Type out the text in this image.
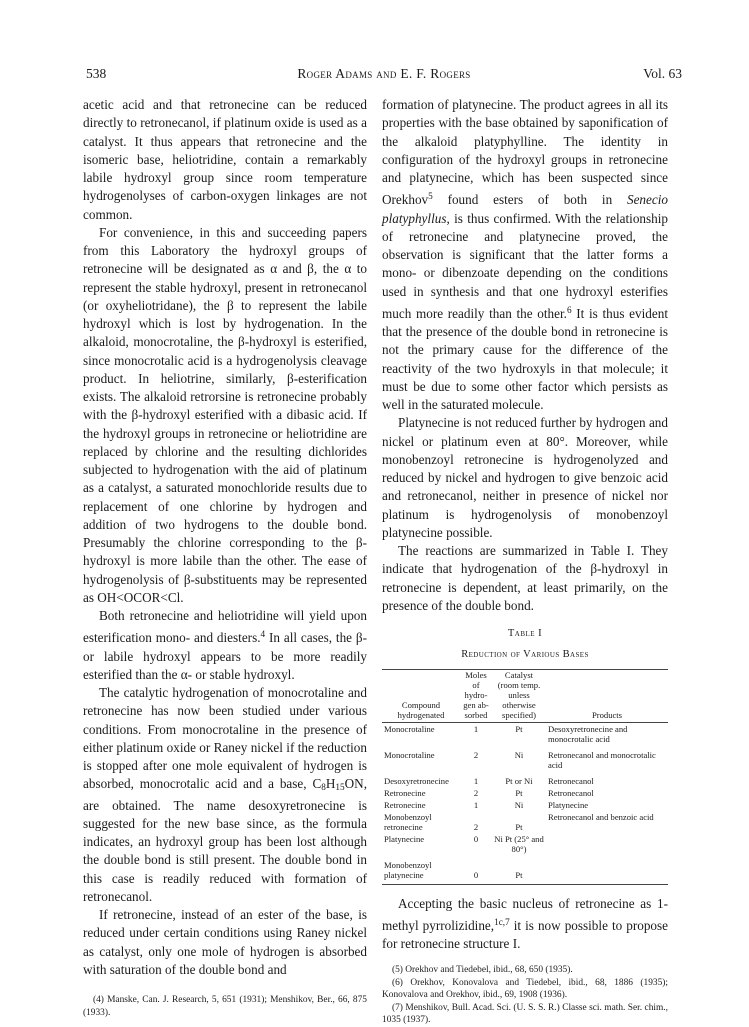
538	Roger Adams and E. F. Rogers	Vol. 63

acetic acid and that retronecine can be reduced directly to retronecanol, if platinum oxide is used as a catalyst. It thus appears that retronecine and the isomeric base, heliotridine, contain a remarkably labile hydroxyl group since room temperature hydrogenolyses of carbon-oxygen linkages are not common.

For convenience, in this and succeeding papers from this Laboratory the hydroxyl groups of retronecine will be designated as α and β, the α to represent the stable hydroxyl, present in retronecanol (or oxyheliotridane), the β to represent the labile hydroxyl which is lost by hydrogenation. In the alkaloid, monocrotaline, the β-hydroxyl is esterified, since monocrotalic acid is a hydrogenolysis cleavage product. In heliotrine, similarly, β-esterification exists. The alkaloid retrorsine is retronecine probably with the β-hydroxyl esterified with a dibasic acid. If the hydroxyl groups in retronecine or heliotridine are replaced by chlorine and the resulting dichlorides subjected to hydrogenation with the aid of platinum as a catalyst, a saturated monochloride results due to replacement of one chlorine by hydrogen and addition of two hydrogens to the double bond. Presumably the chlorine corresponding to the β-hydroxyl is more labile than the other. The ease of hydrogenolysis of β-substituents may be represented as OH<OCOR<Cl.

Both retronecine and heliotridine will yield upon esterification mono- and diesters.$^4$ In all cases, the β- or labile hydroxyl appears to be more readily esterified than the α- or stable hydroxyl.

The catalytic hydrogenation of monocrotaline and retronecine has now been studied under various conditions. From monocrotaline in the presence of either platinum oxide or Raney nickel if the reduction is stopped after one mole equivalent of hydrogen is absorbed, monocrotalic acid and a base, $C_8H_{15}ON$, are obtained. The name desoxyretronecine is suggested for the new base since, as the formula indicates, an hydroxyl group has been lost although the double bond is still present. The double bond in this case is readily reduced with formation of retronecanol.

If retronecine, instead of an ester of the base, is reduced under certain conditions using Raney nickel as catalyst, only one mole of hydrogen is absorbed with saturation of the double bond and

(4) Manske, Can. J. Research, 5, 651 (1931); Menshikov, Ber., 66, 875 (1933).

formation of platynecine. The product agrees in all its properties with the base obtained by saponification of the alkaloid platyphylline. The identity in configuration of the hydroxyl groups in retronecine and platynecine, which has been suspected since Orekhov$^5$ found esters of both in Senecio platyphyllus, is thus confirmed. With the relationship of retronecine and platynecine proved, the observation is significant that the latter forms a mono- or dibenzoate depending on the conditions used in synthesis and that one hydroxyl esterifies much more readily than the other.$^6$ It is thus evident that the presence of the double bond in retronecine is not the primary cause for the difference of the reactivity of the two hydroxyls in that molecule; it must be due to some other factor which persists as well in the saturated molecule.

Platynecine is not reduced further by hydrogen and nickel or platinum even at 80°. Moreover, while monobenzoyl retronecine is hydrogenolyzed and reduced by nickel and hydrogen to give benzoic acid and retronecanol, neither in presence of nickel nor platinum is hydrogenolysis of monobenzoyl platynecine possible.

The reactions are summarized in Table I. They indicate that hydrogenation of the β-hydroxyl in retronecine is dependent, at least primarily, on the presence of the double bond.

Table I
Reduction of Various Bases
Compound hydrogenated	Moles of hydro- gen ab- sorbed	Catalyst (room temp. unless otherwise specified)	Products
Monocrotaline	1	Pt	Desoxyretronecine and monocrotalic acid
Monocrotaline	2	Ni	Retronecanol and monocrotalic acid
Desoxyretronecine	1	Pt or Ni	Retronecanol
Retronecine	2	Pt	Retronecanol
Retronecine	1	Ni	Platynecine
Monobenzoyl retronecine	2	Pt	Retronecanol and benzoic acid
Platynecine	0	Ni Pt (25° and 80°)	
Monobenzoyl platynecine	0	Pt	

Accepting the basic nucleus of retronecine as 1-methyl pyrrolizidine,$^{1c,7}$ it is now possible to propose for retronecine structure I.

(5) Orekhov and Tiedebel, ibid., 68, 650 (1935).

(6) Orekhov, Konovalova and Tiedebel, ibid., 68, 1886 (1935); Konovalova and Orekhov, ibid., 69, 1908 (1936).

(7) Menshikov, Bull. Acad. Sci. (U. S. S. R.) Classe sci. math. Ser. chim., 1035 (1937).
